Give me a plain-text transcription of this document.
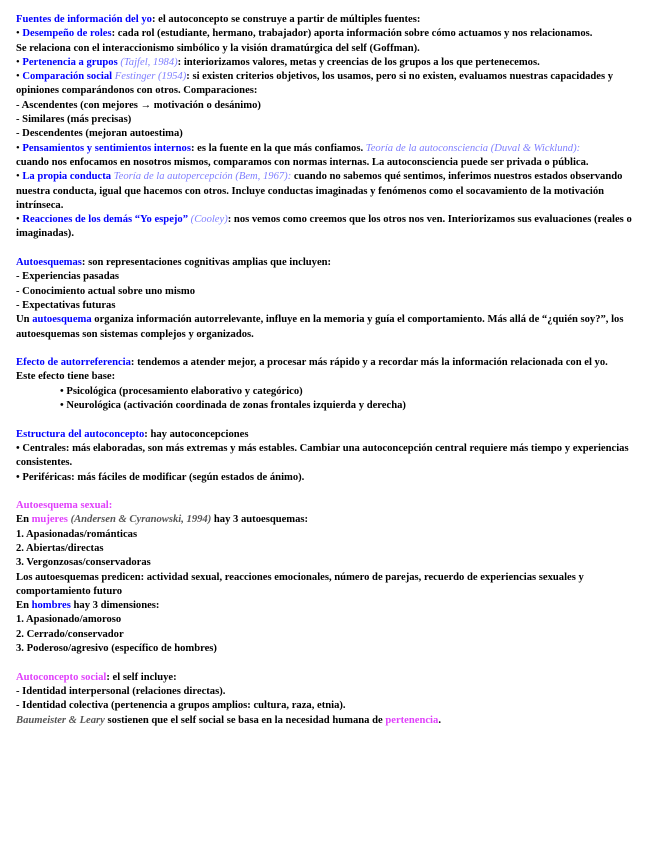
Fuentes de información del yo: el autoconcepto se construye a partir de múltiples fuentes:

• Desempeño de roles: cada rol (estudiante, hermano, trabajador) aporta información sobre cómo actuamos y nos relacionamos.

Se relaciona con el interaccionismo simbólico y la visión dramatúrgica del self (Goffman).

• Pertenencia a grupos (Tajfel, 1984): interiorizamos valores, metas y creencias de los grupos a los que pertenecemos.

• Comparación social Festinger (1954): si existen criterios objetivos, los usamos, pero si no existen, evaluamos nuestras capacidades y opiniones comparándonos con otros. Comparaciones:

- Ascendentes (con mejores → motivación o desánimo)

- Similares (más precisas)

- Descendentes (mejoran autoestima)

• Pensamientos y sentimientos internos: es la fuente en la que más confiamos. Teoría de la autoconsciencia (Duval & Wicklund):

cuando nos enfocamos en nosotros mismos, comparamos con normas internas. La autoconsciencia puede ser privada o pública.

• La propia conducta Teoría de la autopercepción (Bem, 1967): cuando no sabemos qué sentimos, inferimos nuestros estados observando nuestra conducta, igual que hacemos con otros. Incluye conductas imaginadas y fenómenos como el socavamiento de la motivación intrínseca.

• Reacciones de los demás “Yo espejo” (Cooley): nos vemos como creemos que los otros nos ven. Interiorizamos sus evaluaciones (reales o imaginadas).

Autoesquemas: son representaciones cognitivas amplias que incluyen:

- Experiencias pasadas

- Conocimiento actual sobre uno mismo

- Expectativas futuras

Un autoesquema organiza información autorrelevante, influye en la memoria y guía el comportamiento. Más allá de “¿quién soy?”, los autoesquemas son sistemas complejos y organizados.

Efecto de autorreferencia: tendemos a atender mejor, a procesar más rápido y a recordar más la información relacionada con el yo.

Este efecto tiene base:

• Psicológica (procesamiento elaborativo y categórico)

• Neurológica (activación coordinada de zonas frontales izquierda y derecha)

Estructura del autoconcepto: hay autoconcepciones

• Centrales: más elaboradas, son más extremas y más estables. Cambiar una autoconcepción central requiere más tiempo y experiencias consistentes.

• Periféricas: más fáciles de modificar (según estados de ánimo).

Autoesquema sexual:

En mujeres (Andersen & Cyranowski, 1994) hay 3 autoesquemas:

1. Apasionadas/románticas

2. Abiertas/directas

3. Vergonzosas/conservadoras

Los autoesquemas predicen: actividad sexual, reacciones emocionales, número de parejas, recuerdo de experiencias sexuales y comportamiento futuro

En hombres hay 3 dimensiones:

1. Apasionado/amoroso

2. Cerrado/conservador

3. Poderoso/agresivo (específico de hombres)

Autoconcepto social: el self incluye:

- Identidad interpersonal (relaciones directas).

- Identidad colectiva (pertenencia a grupos amplios: cultura, raza, etnia).

Baumeister & Leary sostienen que el self social se basa en la necesidad humana de pertenencia.
